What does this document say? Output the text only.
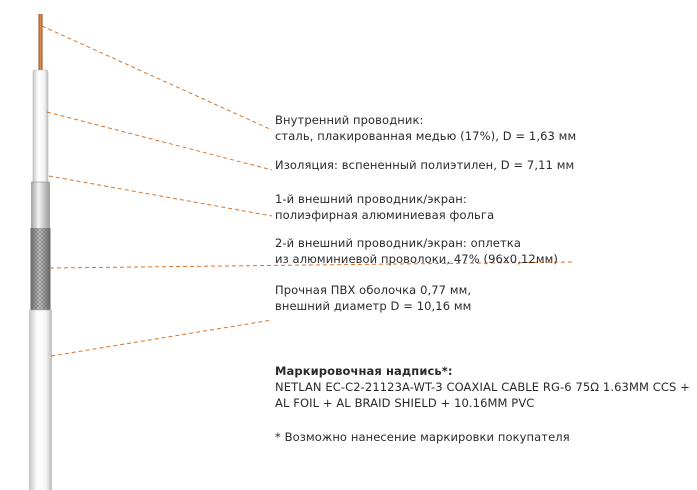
Внутренний проводник:
сталь, плакированная медью (17%), D = 1,63 мм
Изоляция: вспененный полиэтилен, D = 7,11 мм
1-й внешний проводник/экран:
полиэфирная алюминиевая фольга
2-й внешний проводник/экран: оплетка
из алюминиевой проволоки, 47% (96х0,12мм)
Прочная ПВХ оболочка 0,77 мм,
внешний диаметр D = 10,16 мм
Маркировочная надпись*:
NETLAN EC-C2-21123A-WT-3 COAXIAL CABLE RG-6 75Ω 1.63MM CCS +
AL FOIL + AL BRAID SHIELD + 10.16MM PVC
* Возможно нанесение маркировки покупателя
